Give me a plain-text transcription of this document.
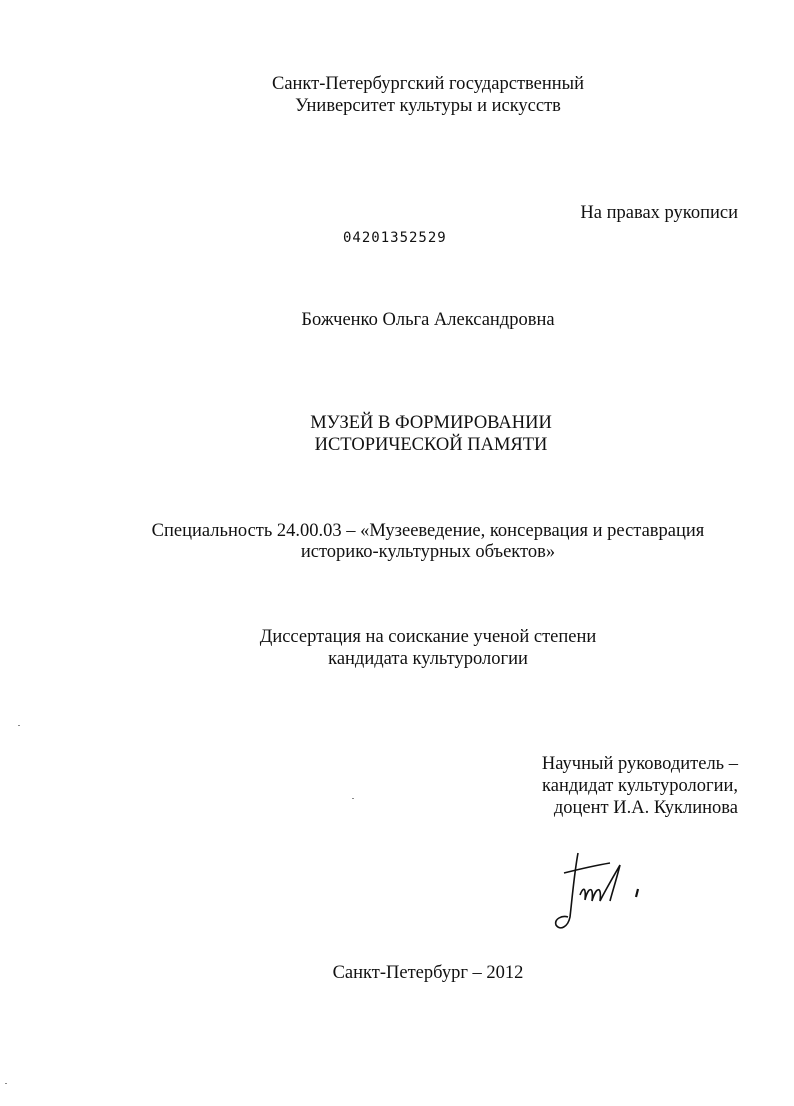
Санкт-Петербургский государственный
Университет культуры и искусств
На правах рукописи
04201352529
Божченко Ольга Александровна
МУЗЕЙ В ФОРМИРОВАНИИ
ИСТОРИЧЕСКОЙ ПАМЯТИ
Специальность 24.00.03 – «Музееведение, консервация и реставрация
историко-культурных объектов»
Диссертация на соискание ученой степени
кандидата культурологии
Научный руководитель –
кандидат культурологии,
доцент И.А. Куклинова
Санкт-Петербург – 2012
